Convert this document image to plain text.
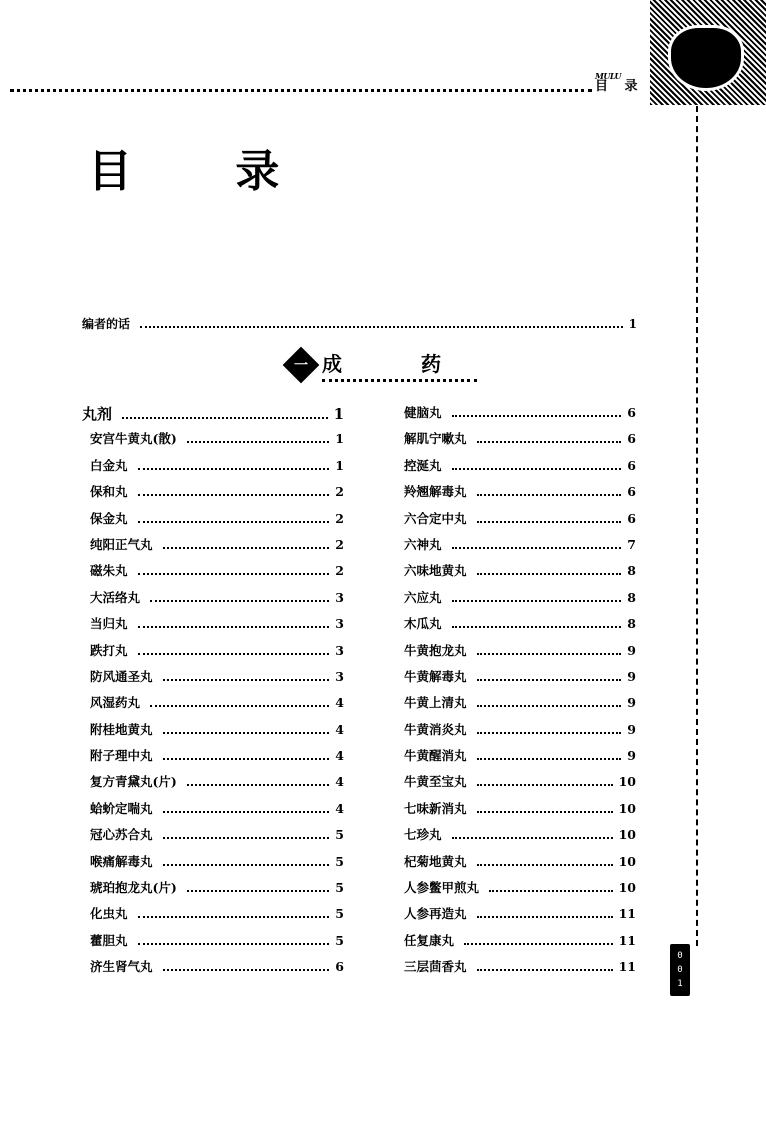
MULU
目 录
目 录
编者的话	1
一 成 药
丸剂	1
安宫牛黄丸(散)	1
白金丸	1
保和丸	2
保金丸	2
纯阳正气丸	2
磁朱丸	2
大活络丸	3
当归丸	3
跌打丸	3
防风通圣丸	3
风湿药丸	4
附桂地黄丸	4
附子理中丸	4
复方青黛丸(片)	4
蛤蚧定喘丸	4
冠心苏合丸	5
喉痛解毒丸	5
琥珀抱龙丸(片)	5
化虫丸	5
藿胆丸	5
济生肾气丸	6
健脑丸	6
解肌宁嗽丸	6
控涎丸	6
羚翘解毒丸	6
六合定中丸	6
六神丸	7
六味地黄丸	8
六应丸	8
木瓜丸	8
牛黄抱龙丸	9
牛黄解毒丸	9
牛黄上清丸	9
牛黄消炎丸	9
牛黄醒消丸	9
牛黄至宝丸	10
七味新消丸	10
七珍丸	10
杞菊地黄丸	10
人参鳖甲煎丸	10
人参再造丸	11
任复康丸	11
三层茴香丸	11
0
0
1
